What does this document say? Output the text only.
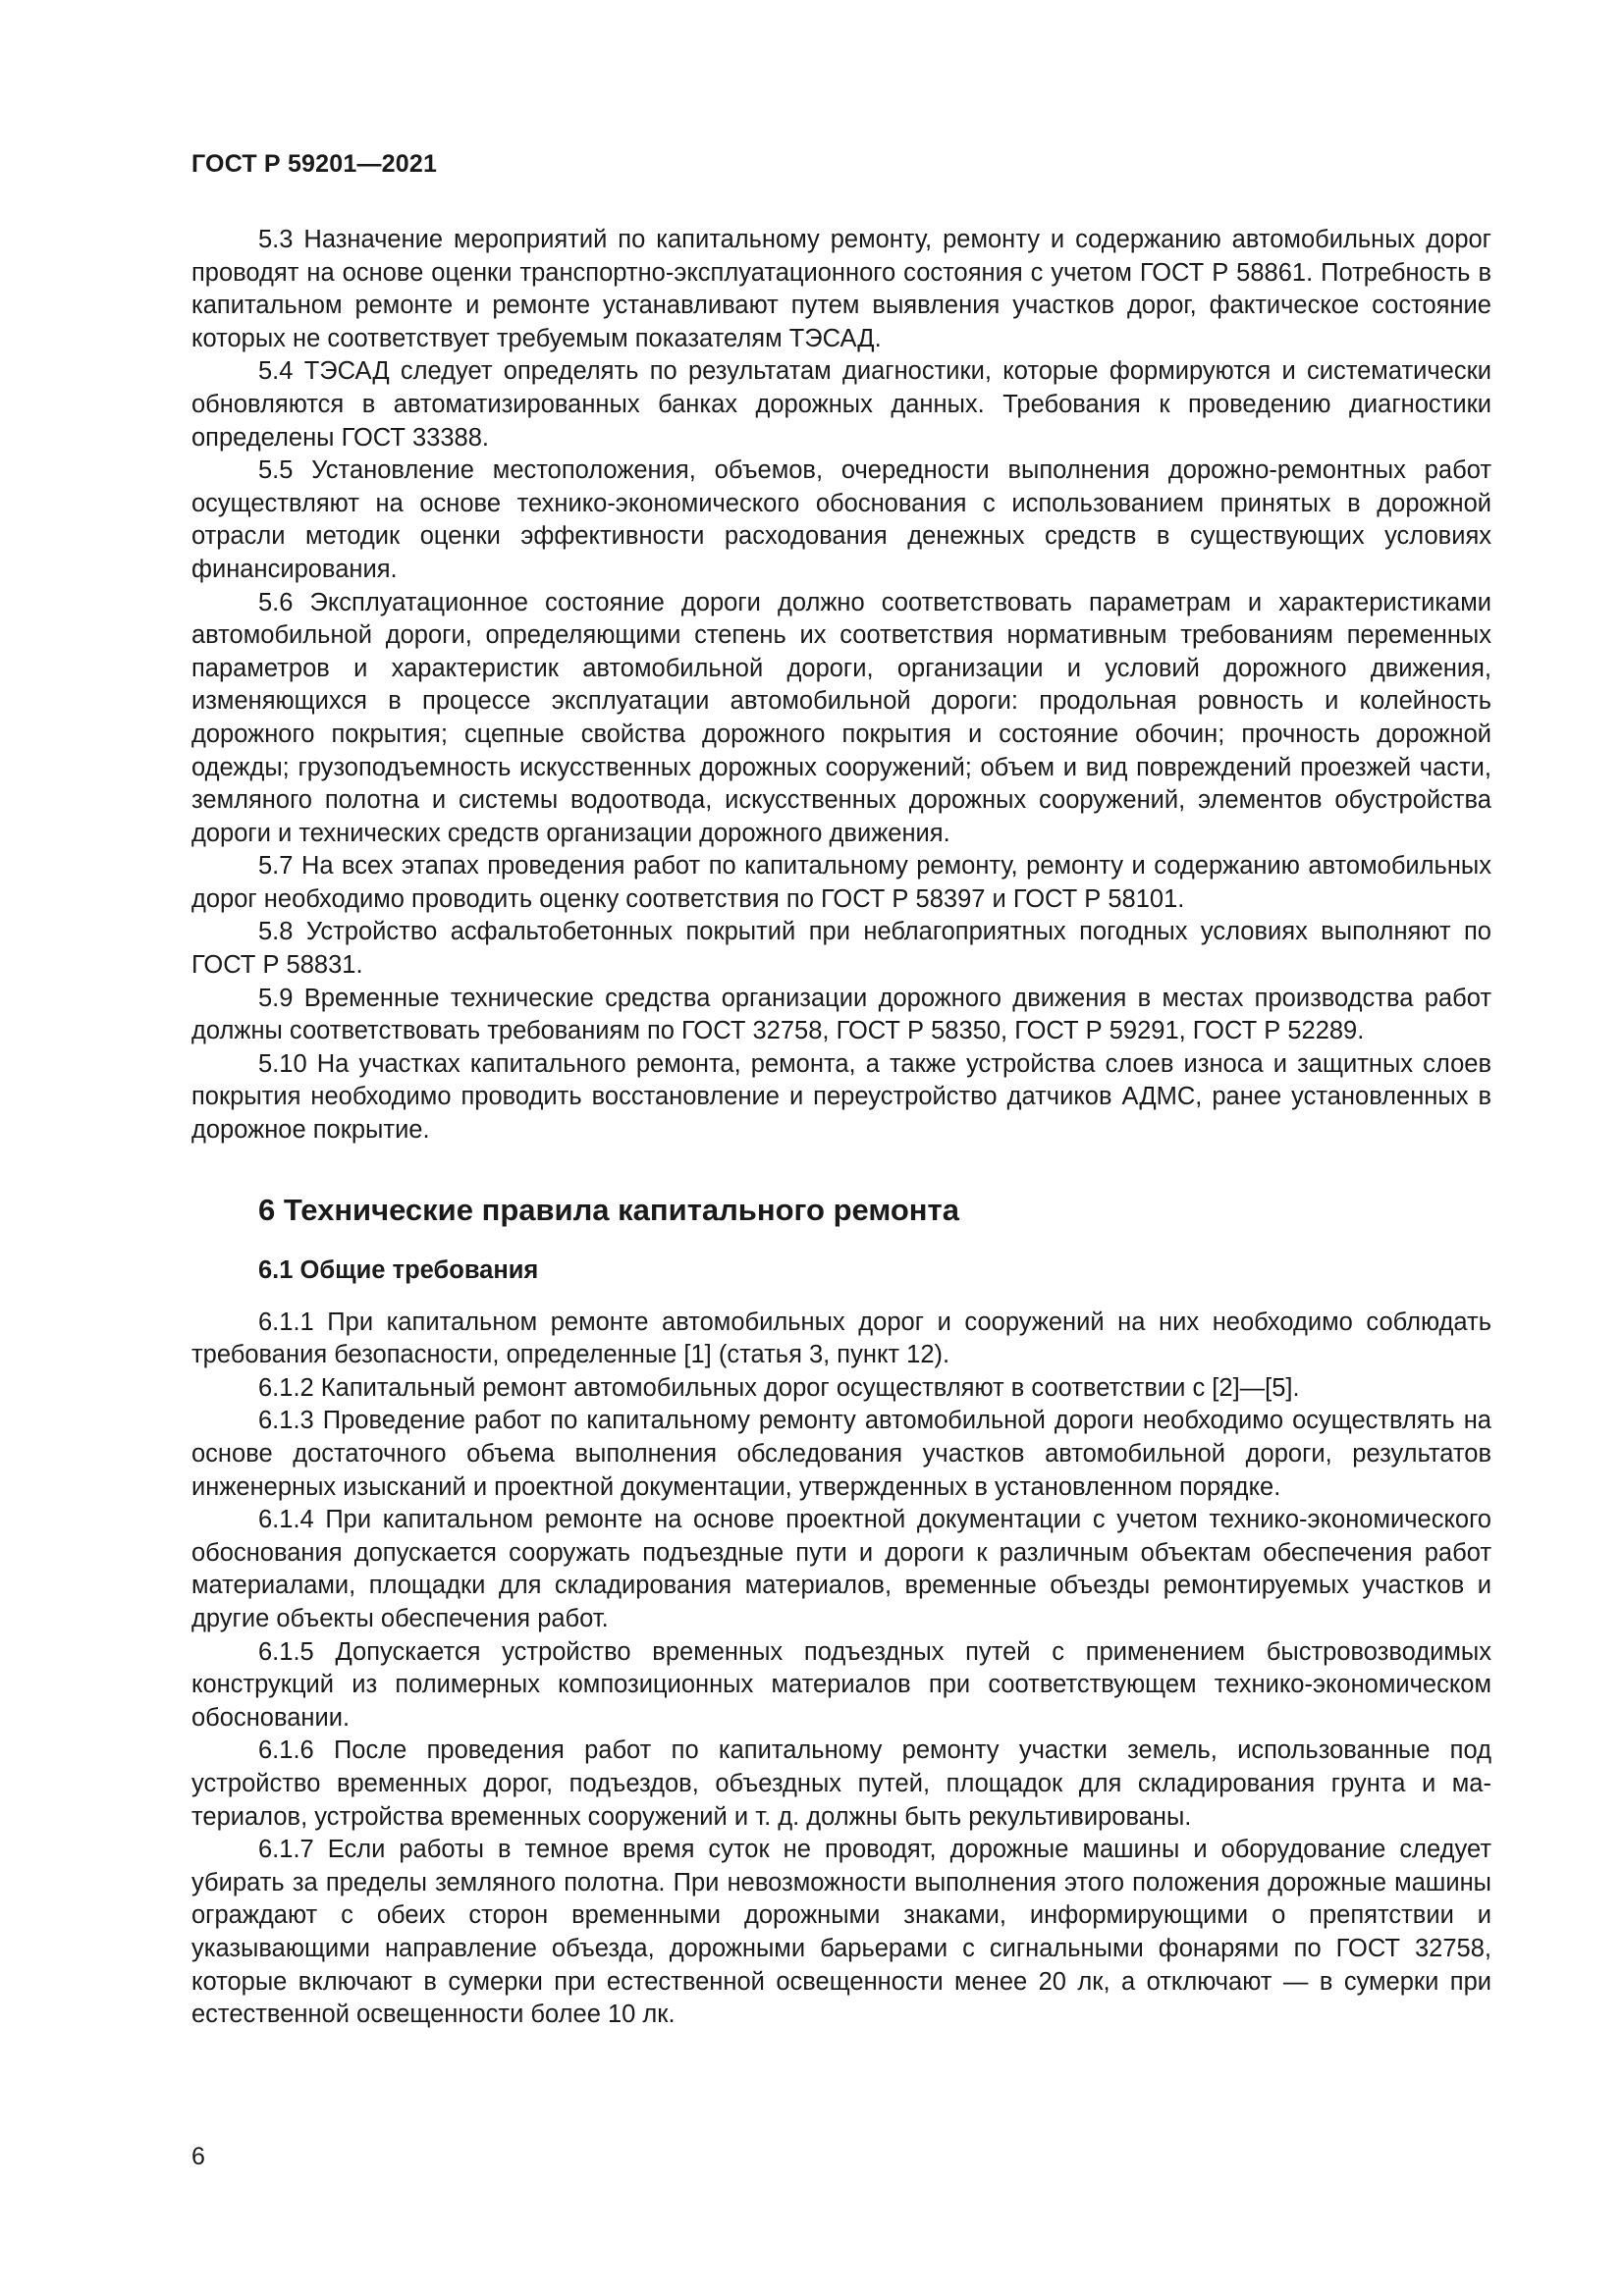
ГОСТ Р 59201—2021

5.3 Назначение мероприятий по капитальному ремонту, ремонту и содержанию автомобильных дорог проводят на основе оценки транспортно-эксплуатационного состояния с учетом ГОСТ Р 58861. Потребность в капитальном ремонте и ремонте устанавливают путем выявления участков дорог, фактическое состояние которых не соответствует требуемым показателям ТЭСАД.

5.4 ТЭСАД следует определять по результатам диагностики, которые формируются и систематически обновляются в автоматизированных банках дорожных данных. Требования к проведению диагностики определены ГОСТ 33388.

5.5 Установление местоположения, объемов, очередности выполнения дорожно-ремонтных работ осуществляют на основе технико-экономического обоснования с использованием принятых в дорожной отрасли методик оценки эффективности расходования денежных средств в существующих условиях финансирования.

5.6 Эксплуатационное состояние дороги должно соответствовать параметрам и характеристиками автомобильной дороги, определяющими степень их соответствия нормативным требованиям переменных параметров и характеристик автомобильной дороги, организации и условий дорожного движения, изменяющихся в процессе эксплуатации автомобильной дороги: продольная ровность и колейность дорожного покрытия; сцепные свойства дорожного покрытия и состояние обочин; прочность дорожной одежды; грузоподъемность искусственных дорожных сооружений; объем и вид повреждений проезжей части, земляного полотна и системы водоотвода, искусственных дорожных сооружений, элементов обустройства дороги и технических средств организации дорожного движения.

5.7 На всех этапах проведения работ по капитальному ремонту, ремонту и содержанию автомобильных дорог необходимо проводить оценку соответствия по ГОСТ Р 58397 и ГОСТ Р 58101.

5.8 Устройство асфальтобетонных покрытий при неблагоприятных погодных условиях выполняют по ГОСТ Р 58831.

5.9 Временные технические средства организации дорожного движения в местах производства работ должны соответствовать требованиям по ГОСТ 32758, ГОСТ Р 58350, ГОСТ Р 59291, ГОСТ Р 52289.

5.10 На участках капитального ремонта, ремонта, а также устройства слоев износа и защитных слоев покрытия необходимо проводить восстановление и переустройство датчиков АДМС, ранее установленных в дорожное покрытие.

6 Технические правила капитального ремонта
6.1 Общие требования

6.1.1 При капитальном ремонте автомобильных дорог и сооружений на них необходимо соблюдать требования безопасности, определенные [1] (статья 3, пункт 12).

6.1.2 Капитальный ремонт автомобильных дорог осуществляют в соответствии с [2]—[5].

6.1.3 Проведение работ по капитальному ремонту автомобильной дороги необходимо осуществлять на основе достаточного объема выполнения обследования участков автомобильной дороги, результатов инженерных изысканий и проектной документации, утвержденных в установленном порядке.

6.1.4 При капитальном ремонте на основе проектной документации с учетом технико-экономического обоснования допускается сооружать подъездные пути и дороги к различным объектам обеспечения работ материалами, площадки для складирования материалов, временные объезды ремонтируемых участков и другие объекты обеспечения работ.

6.1.5 Допускается устройство временных подъездных путей с применением быстровозводимых конструкций из полимерных композиционных материалов при соответствующем технико-экономическом обосновании.

6.1.6 После проведения работ по капитальному ремонту участки земель, использованные под устройство временных дорог, подъездов, объездных путей, площадок для складирования грунта и материалов, устройства временных сооружений и т. д. должны быть рекультивированы.

6.1.7 Если работы в темное время суток не проводят, дорожные машины и оборудование следует убирать за пределы земляного полотна. При невозможности выполнения этого положения дорожные машины ограждают с обеих сторон временными дорожными знаками, информирующими о препятствии и указывающими направление объезда, дорожными барьерами с сигнальными фонарями по ГОСТ 32758, которые включают в сумерки при естественной освещенности менее 20 лк, а отключают — в сумерки при естественной освещенности более 10 лк.

6
